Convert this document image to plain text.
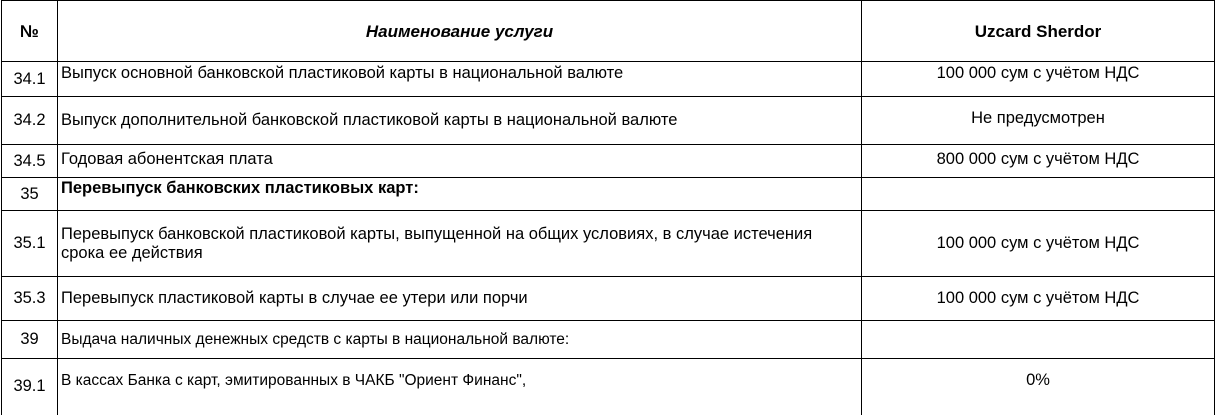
№	Наименование услуги	Uzcard Sherdor
34.1	Выпуск основной банковской пластиковой карты в национальной валюте	100 000 сум с учётом НДС
34.2	Выпуск дополнительной банковской пластиковой карты в национальной валюте	Не предусмотрен
34.5	Годовая абонентская плата	800 000 сум с учётом НДС
35	Перевыпуск банковских пластиковых карт:	
35.1	Перевыпуск банковской пластиковой карты, выпущенной на общих условиях, в случае истечения срока ее действия	100 000 сум с учётом НДС
35.3	Перевыпуск пластиковой карты в случае ее утери или порчи	100 000 сум с учётом НДС
39	Выдача наличных денежных средств с карты в национальной валюте:	
39.1	В кассах Банка с карт, эмитированных в ЧАКБ "Ориент Финанс",	0%
